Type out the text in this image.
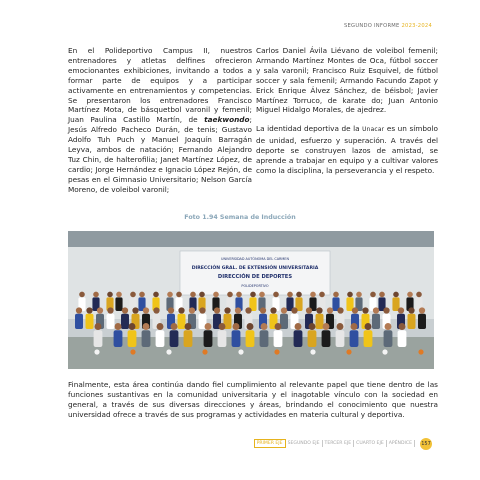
SEGUNDO INFORME 2023-2024

En el Polideportivo Campus II, nuestros entrenadores y atletas delfines ofrecieron emocionantes exhibiciones, invitando a todos a formar parte de equipos y a participar activamente en entrenamientos y competencias. Se presentaron los entrenadores Francisco Martínez Mota, de básquetbol varonil y femenil; Juan Paulina Castillo Martín, de taekwondo; Jesús Alfredo Pacheco Durán, de tenis; Gustavo Adolfo Tuh Puch y Manuel Joaquín Barragán Leyva, ambos de natación; Fernando Alejandro Tuz Chin, de halterofilia; Janet Martínez López, de cardio; Jorge Hernández e Ignacio López Rejón, de pesas en el Gimnasio Universitario; Nelson García Moreno, de voleibol varonil;

Carlos Daniel Ávila Liévano de voleibol femenil; Armando Martínez Montes de Oca, fútbol soccer y sala varonil; Francisco Ruiz Esquivel, de fútbol soccer y sala femenil; Armando Facundo Zapot y Erick Enrique Álvez Sánchez, de béisbol; Javier Martínez Torruco, de karate do; Juan Antonio Miguel Hidalgo Morales, de ajedrez.

La identidad deportiva de la Unacar es un símbolo de unidad, esfuerzo y superación. A través del deporte se construyen lazos de amistad, se aprende a trabajar en equipo y a cultivar valores como la disciplina, la perseverancia y el respeto.

Foto 1.94 Semana de Inducción
UNIVERSIDAD AUTÓNOMA DEL CARMEN
DIRECCIÓN GRAL. DE EXTENSIÓN UNIVERSITARIA
DIRECCIÓN DE DEPORTES
POLIDEPORTIVO

Finalmente, esta área continúa dando fiel cumplimiento al relevante papel que tiene dentro de las funciones sustantivas en la comunidad universitaria y el inagotable vínculo con la sociedad en general, a través de sus diversas direcciones y áreas, brindando el conocimiento que nuestra universidad ofrece a través de sus programas y actividades en materia cultural y deportiva.

PRIMER EJE	SEGUNDO EJE	TERCER EJE	CUARTO EJE	APÉNDICE	157
